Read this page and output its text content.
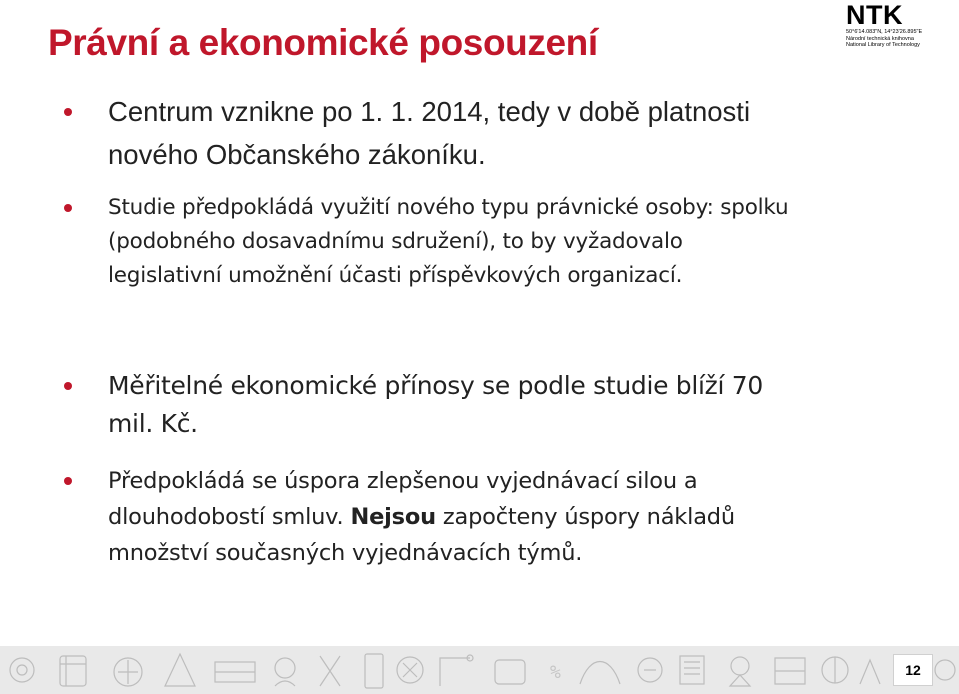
Právní a ekonomické posouzení
NTK
50°6'14.083"N, 14°23'26.895"E
Národní technická knihovna
National Library of Technology
Centrum vznikne po 1. 1. 2014, tedy v době platnosti
nového Občanského zákoníku.
Studie předpokládá využití nového typu právnické osoby: spolku
(podobného dosavadnímu sdružení), to by vyžadovalo
legislativní umožnění účasti příspěvkových organizací.
Měřitelné ekonomické přínosy se podle studie blíží 70
mil. Kč.
Předpokládá se úspora zlepšenou vyjednávací silou a
dlouhodobostí smluv. Nejsou započteny úspory nákladů
množství současných vyjednávacích týmů.
%	12
